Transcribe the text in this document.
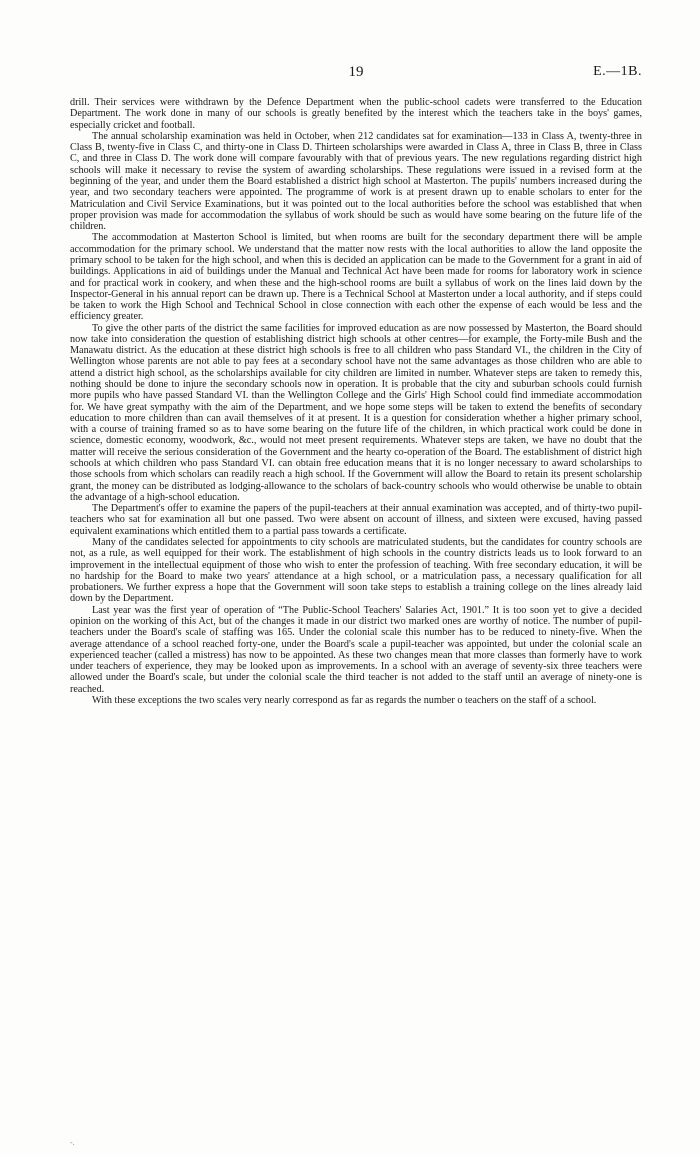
19	E.—1B.

drill. Their services were withdrawn by the Defence Department when the public-school cadets were transferred to the Education Department. The work done in many of our schools is greatly benefited by the interest which the teachers take in the boys' games, especially cricket and football.

The annual scholarship examination was held in October, when 212 candidates sat for examination—133 in Class A, twenty-three in Class B, twenty-five in Class C, and thirty-one in Class D. Thirteen scholarships were awarded in Class A, three in Class B, three in Class C, and three in Class D. The work done will compare favourably with that of previous years. The new regulations regarding district high schools will make it necessary to revise the system of awarding scholarships. These regulations were issued in a revised form at the beginning of the year, and under them the Board established a district high school at Masterton. The pupils' numbers increased during the year, and two secondary teachers were appointed. The programme of work is at present drawn up to enable scholars to enter for the Matriculation and Civil Service Examinations, but it was pointed out to the local authorities before the school was established that when proper provision was made for accommodation the syllabus of work should be such as would have some bearing on the future life of the children.

The accommodation at Masterton School is limited, but when rooms are built for the secondary department there will be ample accommodation for the primary school. We understand that the matter now rests with the local authorities to allow the land opposite the primary school to be taken for the high school, and when this is decided an application can be made to the Government for a grant in aid of buildings. Applications in aid of buildings under the Manual and Technical Act have been made for rooms for laboratory work in science and for practical work in cookery, and when these and the high-school rooms are built a syllabus of work on the lines laid down by the Inspector-General in his annual report can be drawn up. There is a Technical School at Masterton under a local authority, and if steps could be taken to work the High School and Technical School in close connection with each other the expense of each would be less and the efficiency greater.

To give the other parts of the district the same facilities for improved education as are now possessed by Masterton, the Board should now take into consideration the question of establishing district high schools at other centres—for example, the Forty-mile Bush and the Manawatu district. As the education at these district high schools is free to all children who pass Standard VI., the children in the City of Wellington whose parents are not able to pay fees at a secondary school have not the same advantages as those children who are able to attend a district high school, as the scholarships available for city children are limited in number. Whatever steps are taken to remedy this, nothing should be done to injure the secondary schools now in operation. It is probable that the city and suburban schools could furnish more pupils who have passed Standard VI. than the Wellington College and the Girls' High School could find immediate accommodation for. We have great sympathy with the aim of the Department, and we hope some steps will be taken to extend the benefits of secondary education to more children than can avail themselves of it at present. It is a question for consideration whether a higher primary school, with a course of training framed so as to have some bearing on the future life of the children, in which practical work could be done in science, domestic economy, woodwork, &c., would not meet present requirements. Whatever steps are taken, we have no doubt that the matter will receive the serious consideration of the Government and the hearty co-operation of the Board. The establishment of district high schools at which children who pass Standard VI. can obtain free education means that it is no longer necessary to award scholarships to those schools from which scholars can readily reach a high school. If the Government will allow the Board to retain its present scholarship grant, the money can be distributed as lodging-allowance to the scholars of back-country schools who would otherwise be unable to obtain the advantage of a high-school education.

The Department's offer to examine the papers of the pupil-teachers at their annual examination was accepted, and of thirty-two pupil-teachers who sat for examination all but one passed. Two were absent on account of illness, and sixteen were excused, having passed equivalent examinations which entitled them to a partial pass towards a certificate.

Many of the candidates selected for appointments to city schools are matriculated students, but the candidates for country schools are not, as a rule, as well equipped for their work. The establishment of high schools in the country districts leads us to look forward to an improvement in the intellectual equipment of those who wish to enter the profession of teaching. With free secondary education, it will be no hardship for the Board to make two years' attendance at a high school, or a matriculation pass, a necessary qualification for all probationers. We further express a hope that the Government will soon take steps to establish a training college on the lines already laid down by the Department.

Last year was the first year of operation of “The Public-School Teachers' Salaries Act, 1901.” It is too soon yet to give a decided opinion on the working of this Act, but of the changes it made in our district two marked ones are worthy of notice. The number of pupil-teachers under the Board's scale of staffing was 165. Under the colonial scale this number has to be reduced to ninety-five. When the average attendance of a school reached forty-one, under the Board's scale a pupil-teacher was appointed, but under the colonial scale an experienced teacher (called a mistress) has now to be appointed. As these two changes mean that more classes than formerly have to work under teachers of experience, they may be looked upon as improvements. In a school with an average of seventy-six three teachers were allowed under the Board's scale, but under the colonial scale the third teacher is not added to the staff until an average of ninety-one is reached.

With these exceptions the two scales very nearly correspond as far as regards the number o teachers on the staff of a school.

-.
